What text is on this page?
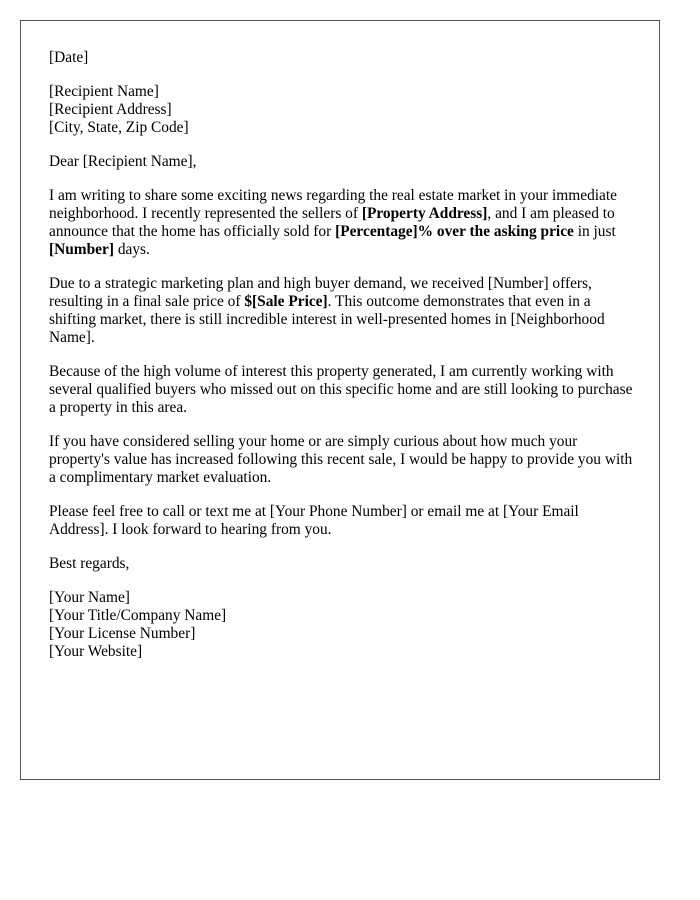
[Date]
[Recipient Name]
[Recipient Address]
[City, State, Zip Code]

Dear [Recipient Name],

I am writing to share some exciting news regarding the real estate market in your immediate neighborhood. I recently represented the sellers of [Property Address], and I am pleased to announce that the home has officially sold for [Percentage]% over the asking price in just [Number] days.

Due to a strategic marketing plan and high buyer demand, we received [Number] offers, resulting in a final sale price of $[Sale Price]. This outcome demonstrates that even in a shifting market, there is still incredible interest in well-presented homes in [Neighborhood Name].

Because of the high volume of interest this property generated, I am currently working with several qualified buyers who missed out on this specific home and are still looking to purchase a property in this area.

If you have considered selling your home or are simply curious about how much your property's value has increased following this recent sale, I would be happy to provide you with a complimentary market evaluation.

Please feel free to call or text me at [Your Phone Number] or email me at [Your Email Address]. I look forward to hearing from you.

Best regards,

[Your Name]
[Your Title/Company Name]
[Your License Number]
[Your Website]
